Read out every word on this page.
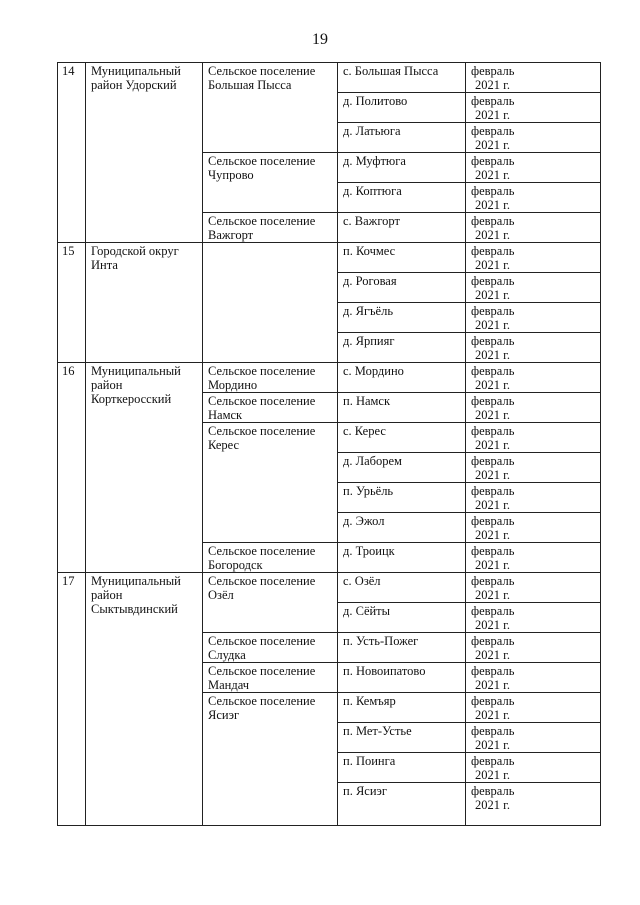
19
14	Муниципальный район Удорский	Сельское поселение Большая Пысса	с. Большая Пысса	февраль
2021 г.

			д. Политово	февраль
2021 г.

			д. Латьюга	февраль
2021 г.

		Сельское поселение Чупрово	д. Муфтюга	февраль
2021 г.

			д. Коптюга	февраль
2021 г.

		Сельское поселение Важгорт	с. Важгорт	февраль
2021 г.

15	Городской округ Инта		п. Кочмес	февраль
2021 г.

			д. Роговая	февраль
2021 г.

			д. Ягъёль	февраль
2021 г.

			д. Ярпияг	февраль
2021 г.

16	Муниципальный район Корткеросский	Сельское поселение Мордино	с. Мордино	февраль
2021 г.

		Сельское поселение Намск	п. Намск	февраль
2021 г.

		Сельское поселение Керес	с. Керес	февраль
2021 г.

			д. Лаборем	февраль
2021 г.

			п. Урьёль	февраль
2021 г.

			д. Эжол	февраль
2021 г.

		Сельское поселение Богородск	д. Троицк	февраль
2021 г.

17	Муниципальный район Сыктывдинский	Сельское поселение Озёл	с. Озёл	февраль
2021 г.

			д. Сёйты	февраль
2021 г.

		Сельское поселение Слудка	п. Усть-Пожег	февраль
2021 г.

		Сельское поселение Мандач	п. Новоипатово	февраль
2021 г.

		Сельское поселение Ясиэг	п. Кемъяр	февраль
2021 г.

			п. Мет-Устье	февраль
2021 г.

			п. Поинга	февраль
2021 г.

			п. Ясиэг	февраль
2021 г.
